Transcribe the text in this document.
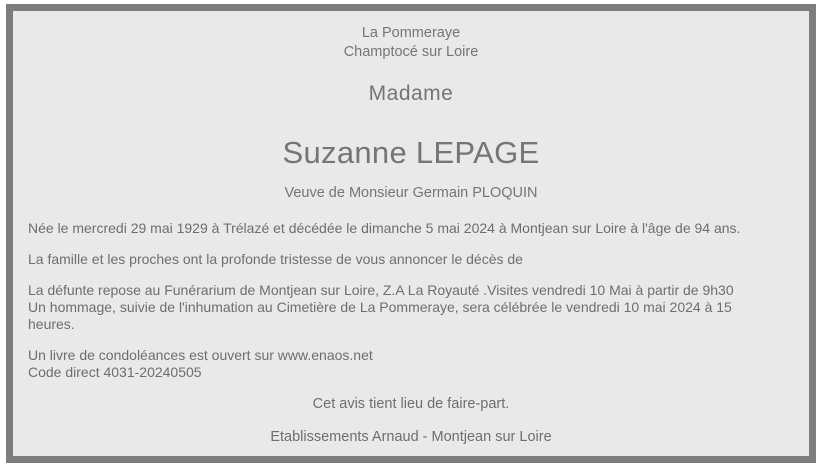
La Pommeraye
Champtocé sur Loire
Madame
Suzanne LEPAGE
Veuve de Monsieur Germain PLOQUIN

Née le mercredi 29 mai 1929 à Trélazé et décédée le dimanche 5 mai 2024 à Montjean sur Loire à l'âge de 94 ans.

La famille et les proches ont la profonde tristesse de vous annoncer le décès de

La défunte repose au Funérarium de Montjean sur Loire, Z.A La Royauté .Visites vendredi 10 Mai à partir de 9h30
Un hommage, suivie de l'inhumation au Cimetière de La Pommeraye, sera célébrée le vendredi 10 mai 2024 à 15
heures.

Un livre de condoléances est ouvert sur www.enaos.net
Code direct 4031-20240505

Cet avis tient lieu de faire-part.
Etablissements Arnaud - Montjean sur Loire
